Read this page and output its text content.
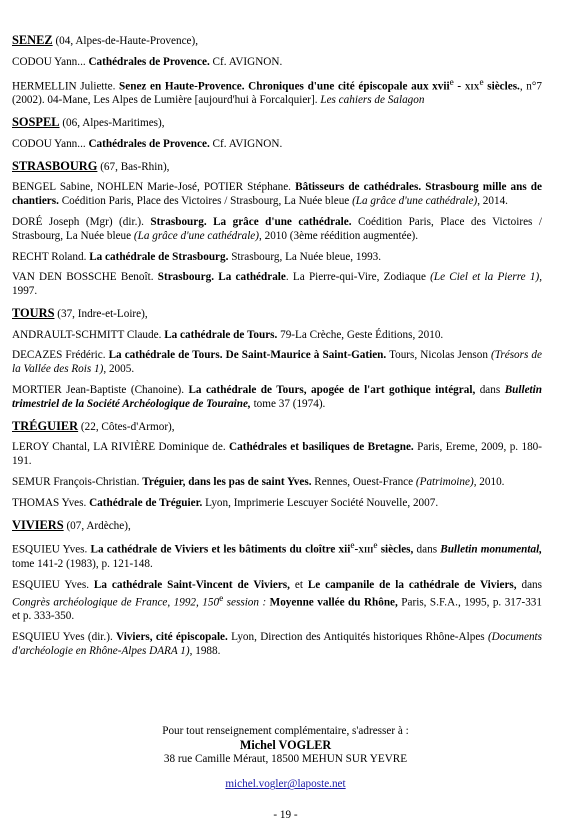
SENEZ (04, Alpes-de-Haute-Provence),
CODOU Yann... Cathédrales de Provence. Cf. AVIGNON.
HERMELLIN Juliette. Senez en Haute-Provence. Chroniques d'une cité épiscopale aux xvii$^e$ - xix$^e$ siècles., n°7 (2002). 04-Mane, Les Alpes de Lumière [aujourd'hui à Forcalquier]. Les cahiers de Salagon
SOSPEL (06, Alpes-Maritimes),
CODOU Yann... Cathédrales de Provence. Cf. AVIGNON.
STRASBOURG (67, Bas-Rhin),
BENGEL Sabine, NOHLEN Marie-José, POTIER Stéphane. Bâtisseurs de cathédrales. Strasbourg mille ans de chantiers. Coédition Paris, Place des Victoires / Strasbourg, La Nuée bleue (La grâce d'une cathédrale), 2014.
DORÉ Joseph (Mgr) (dir.). Strasbourg. La grâce d'une cathédrale. Coédition Paris, Place des Victoires / Strasbourg, La Nuée bleue (La grâce d'une cathédrale), 2010 (3ème réédition augmentée).
RECHT Roland. La cathédrale de Strasbourg. Strasbourg, La Nuée bleue, 1993.
VAN DEN BOSSCHE Benoît. Strasbourg. La cathédrale. La Pierre-qui-Vire, Zodiaque (Le Ciel et la Pierre 1), 1997.
TOURS (37, Indre-et-Loire),
ANDRAULT-SCHMITT Claude. La cathédrale de Tours. 79-La Crèche, Geste Éditions, 2010.
DECAZES Frédéric. La cathédrale de Tours. De Saint-Maurice à Saint-Gatien. Tours, Nicolas Jenson (Trésors de la Vallée des Rois 1), 2005.
MORTIER Jean-Baptiste (Chanoine). La cathédrale de Tours, apogée de l'art gothique intégral, dans Bulletin trimestriel de la Société Archéologique de Touraine, tome 37 (1974).
TRÉGUIER (22, Côtes-d'Armor),
LEROY Chantal, LA RIVIÈRE Dominique de. Cathédrales et basiliques de Bretagne. Paris, Ereme, 2009, p. 180-191.
SEMUR François-Christian. Tréguier, dans les pas de saint Yves. Rennes, Ouest-France (Patrimoine), 2010.
THOMAS Yves. Cathédrale de Tréguier. Lyon, Imprimerie Lescuyer Société Nouvelle, 2007.
VIVIERS (07, Ardèche),
ESQUIEU Yves. La cathédrale de Viviers et les bâtiments du cloître xii$^e$-xiii$^e$ siècles, dans Bulletin monumental, tome 141-2 (1983), p. 121-148.
ESQUIEU Yves. La cathédrale Saint-Vincent de Viviers, et Le campanile de la cathédrale de Viviers, dans Congrès archéologique de France, 1992, 150e session : Moyenne vallée du Rhône, Paris, S.F.A., 1995, p. 317-331 et p. 333-350.
ESQUIEU Yves (dir.). Viviers, cité épiscopale. Lyon, Direction des Antiquités historiques Rhône-Alpes (Documents d'archéologie en Rhône-Alpes DARA 1), 1988.
Pour tout renseignement complémentaire, s'adresser à :
Michel VOGLER
38 rue Camille Méraut, 18500 MEHUN SUR YEVRE
michel.vogler@laposte.net
- 19 -
